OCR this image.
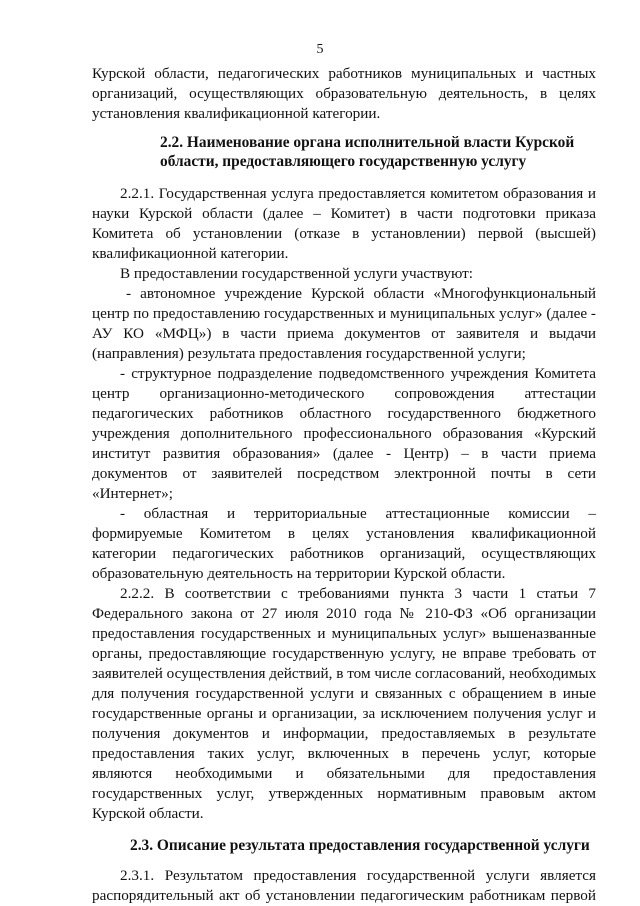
5
Курской области, педагогических работников муниципальных и частных
организаций, осуществляющих образовательную деятельность, в целях
установления квалификационной категории.
2.2. Наименование органа исполнительной власти Курской
области, предоставляющего государственную услугу
2.2.1. Государственная услуга предоставляется комитетом образования и
науки Курской области (далее – Комитет) в части подготовки приказа
Комитета об установлении (отказе в установлении) первой (высшей)
квалификационной категории.
В предоставлении государственной услуги участвуют:
- автономное учреждение Курской области «Многофункциональный
центр по предоставлению государственных и муниципальных услуг» (далее -
АУ КО «МФЦ») в части приема документов от заявителя и выдачи
(направления) результата предоставления государственной услуги;
- структурное подразделение подведомственного учреждения Комитета
центр организационно-методического сопровождения аттестации
педагогических работников областного государственного бюджетного
учреждения дополнительного профессионального образования «Курский
институт развития образования» (далее - Центр) – в части приема
документов от заявителей посредством электронной почты в сети
«Интернет»;
- областная и территориальные аттестационные комиссии –
формируемые Комитетом в целях установления квалификационной
категории педагогических работников организаций, осуществляющих
образовательную деятельность на территории Курской области.
2.2.2. В соответствии с требованиями пункта 3 части 1 статьи 7
Федерального закона от 27 июля 2010 года № 210-ФЗ «Об организации
предоставления государственных и муниципальных услуг» вышеназванные
органы, предоставляющие государственную услугу, не вправе требовать от
заявителей осуществления действий, в том числе согласований, необходимых
для получения государственной услуги и связанных с обращением в иные
государственные органы и организации, за исключением получения услуг и
получения документов и информации, предоставляемых в результате
предоставления таких услуг, включенных в перечень услуг, которые
являются необходимыми и обязательными для предоставления
государственных услуг, утвержденных нормативным правовым актом
Курской области.
2.3. Описание результата предоставления государственной услуги
2.3.1. Результатом предоставления государственной услуги является
распорядительный акт об установлении педагогическим работникам первой
